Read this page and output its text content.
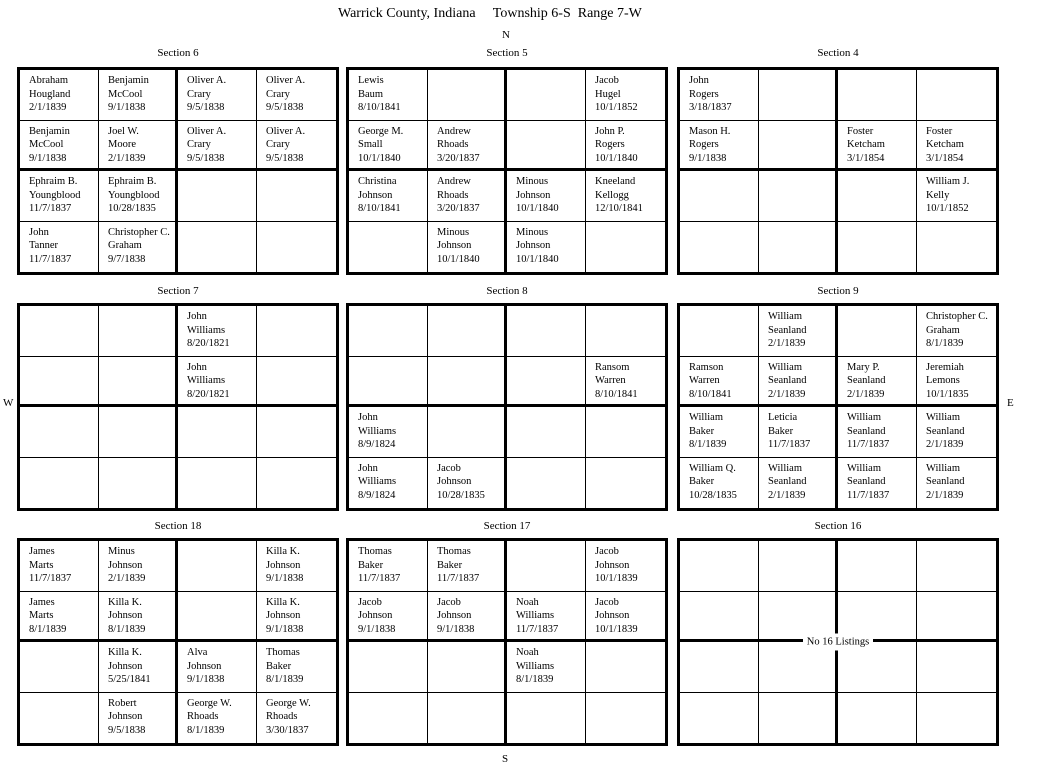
Warrick County, Indiana     Township 6-S  Range 7-W
N
S
W	E
Section 6
Abraham
Hougland
2/1/1839
Benjamin
McCool
9/1/1838
Oliver A.
Crary
9/5/1838
Oliver A.
Crary
9/5/1838
Benjamin
McCool
9/1/1838
Joel W.
Moore
2/1/1839
Oliver A.
Crary
9/5/1838
Oliver A.
Crary
9/5/1838
Ephraim B.
Youngblood
11/7/1837
Ephraim B.
Youngblood
10/28/1835
John
Tanner
11/7/1837
Christopher C.
Graham
9/7/1838
Section 5
Lewis
Baum
8/10/1841
Jacob
Hugel
10/1/1852
George M.
Small
10/1/1840
Andrew
Rhoads
3/20/1837
John P.
Rogers
10/1/1840
Christina
Johnson
8/10/1841
Andrew
Rhoads
3/20/1837
Minous
Johnson
10/1/1840
Kneeland
Kellogg
12/10/1841
Minous
Johnson
10/1/1840
Minous
Johnson
10/1/1840
Section 4
John
Rogers
3/18/1837
Mason H.
Rogers
9/1/1838
Foster
Ketcham
3/1/1854
Foster
Ketcham
3/1/1854
William J.
Kelly
10/1/1852
Section 7
John
Williams
8/20/1821
John
Williams
8/20/1821
Section 8
Ransom
Warren
8/10/1841
John
Williams
8/9/1824
John
Williams
8/9/1824
Jacob
Johnson
10/28/1835
Section 9
William
Seanland
2/1/1839
Christopher C.
Graham
8/1/1839
Ramson
Warren
8/10/1841
William
Seanland
2/1/1839
Mary P.
Seanland
2/1/1839
Jeremiah
Lemons
10/1/1835
William
Baker
8/1/1839
Leticia
Baker
11/7/1837
William
Seanland
11/7/1837
William
Seanland
2/1/1839
William Q.
Baker
10/28/1835
William
Seanland
2/1/1839
William
Seanland
11/7/1837
William
Seanland
2/1/1839
Section 18
James
Marts
11/7/1837
Minus
Johnson
2/1/1839
Killa K.
Johnson
9/1/1838
James
Marts
8/1/1839
Killa K.
Johnson
8/1/1839
Killa K.
Johnson
9/1/1838
Killa K.
Johnson
5/25/1841
Alva
Johnson
9/1/1838
Thomas
Baker
8/1/1839
Robert
Johnson
9/5/1838
George W.
Rhoads
8/1/1839
George W.
Rhoads
3/30/1837
Section 17
Thomas
Baker
11/7/1837
Thomas
Baker
11/7/1837
Jacob
Johnson
10/1/1839
Jacob
Johnson
9/1/1838
Jacob
Johnson
9/1/1838
Noah
Williams
11/7/1837
Jacob
Johnson
10/1/1839
Noah
Williams
8/1/1839
Section 16
No 16 Listings
